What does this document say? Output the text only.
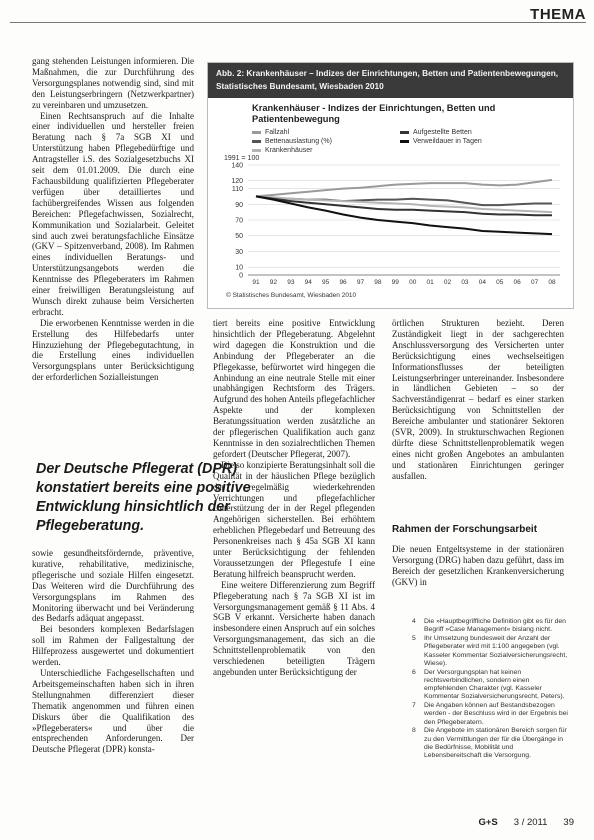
THEMA

gang stehenden Leistungen informieren. Die Maßnahmen, die zur Durchführung des Versorgungsplanes notwendig sind, sind mit den Leistungserbringern (Netzwerkpartner) zu vereinbaren und umzusetzen.

Einen Rechtsanspruch auf die Inhalte einer individuellen und hersteller freien Beratung nach § 7a SGB XI und Unterstützung haben Pflegebedürftige und Antragsteller i.S. des Sozialgesetzbuchs XI seit dem 01.01.2009. Die durch eine Fachausbildung qualifizierten Pflegeberater verfügen über detailliertes und fachübergreifendes Wissen aus folgenden Bereichen: Pflegefachwissen, Sozialrecht, Kommunikation und Sozialarbeit. Geleitet sind auch zwei beratungsfachliche Einsätze (GKV – Spitzenverband, 2008). Im Rahmen eines individuellen Beratungs- und Unterstützungsangebots werden die Kenntnisse des Pflegeberaters im Rahmen einer freiwilligen Beratungsleistung auf Wunsch direkt zuhause beim Versicherten erbracht.

Die erworbenen Kenntnisse werden in die Erstellung des Hilfebedarfs unter Hinzuziehung der Pflegebegutachtung, in die Erstellung eines individuellen Versorgungsplans unter Berücksichtigung der erforderlichen Sozialleistungen

Der Deutsche Pflegerat (DPR) konstatiert bereits eine positive Entwicklung hinsichtlich der Pflegeberatung.

sowie gesundheitsfördernde, präventive, kurative, rehabilitative, medizinische, pflegerische und soziale Hilfen eingesetzt. Das Weiteren wird die Durchführung des Versorgungsplans im Rahmen des Monitoring überwacht und bei Veränderung des Bedarfs adäquat angepasst.

Bei besonders komplexen Bedarfslagen soll im Rahmen der Fallgestaltung der Hilfeprozess ausgewertet und dokumentiert werden.

Unterschiedliche Fachgesellschaften und Arbeitsgemeinschaften haben sich in ihren Stellungnahmen differenziert dieser Thematik angenommen und führen einen Diskurs über die Qualifikation des »Pflegeberaters« und über die entsprechenden Anforderungen. Der Deutsche Pflegerat (DPR) konsta-

Abb. 2: Krankenhäuser – Indizes der Einrichtungen, Betten und Patientenbewegungen, Statistisches Bundesamt, Wiesbaden 2010
Krankenhäuser - Indizes der Einrichtungen, Betten und Patientenbewegung
Fallzahl
Bettenauslastung (%)
Krankenhäuser
Aufgestellte Betten
Verweildauer in Tagen
1991 = 100
0
10
30
50
70
90
110
120
140
91 92 93 94 95 96 97 98 99 00 01 02 03 04 05 06 07 08
© Statistisches Bundesamt, Wiesbaden 2010

tiert bereits eine positive Entwicklung hinsichtlich der Pflegeberatung. Abgelehnt wird dagegen die Konstruktion und die Anbindung der Pflegeberater an die Pflegekasse, befürwortet wird hingegen die Anbindung an eine neutrale Stelle mit einer unabhängigen Rechtsform des Trägers. Aufgrund des hohen Anteils pflegefachlicher Aspekte und der komplexen Beratungssituation werden zusätzliche an der pflegerischen Qualifikation auch ganz Kenntnisse in den sozialrechtlichen Themen gefordert (Deutscher Pflegerat, 2007).

Die so konzipierte Beratungsinhalt soll die Qualität in der häuslichen Pflege bezüglich der regelmäßig wiederkehrenden Verrichtungen und pflegefachlicher Unterstützung der in der Regel pflegenden Angehörigen sicherstellen. Bei erhöhtem erheblichen Pflegebedarf und Betreuung des Personenkreises nach § 45a SGB XI kann unter Berücksichtigung der fehlenden Voraussetzungen der Pflegestufe I eine Beratung hilfreich beansprucht werden.

Eine weitere Differenzierung zum Begriff Pflegeberatung nach § 7a SGB XI ist im Versorgungsmanagement gemäß § 11 Abs. 4 SGB V erkannt. Versicherte haben danach insbesondere einen Anspruch auf ein solches Versorgungsmanagement, das sich an die Schnittstellenproblematik von den verschiedenen beteiligten Trägern angebunden unter Berücksichtigung der

örtlichen Strukturen bezieht. Deren Zuständigkeit liegt in der sachgerechten Anschlussversorgung des Versicherten unter Berücksichtigung eines wechselseitigen Informationsflusses der beteiligten Leistungserbringer untereinander. Insbesondere in ländlichen Gebieten – so der Sachverständigenrat – bedarf es einer starken Berücksichtigung von Schnittstellen der Bereiche ambulanter und stationärer Sektoren (SVR, 2009). In strukturschwachen Regionen dürfte diese Schnittstellenproblematik wegen eines nicht großen Angebotes an ambulanten und stationären Einrichtungen geringer ausfallen.

Rahmen der Forschungsarbeit

Die neuen Entgeltsysteme in der stationären Versorgung (DRG) haben dazu geführt, dass im Bereich der gesetzlichen Krankenversicherung (GKV) in

4	Die »Hauptbegriffliche Definition gibt es für den Begriff »Case Management« bislang nicht.
5	Ihr Umsetzung bundesweit der Anzahl der Pflegeberater wird mit 1:100 angegeben (vgl. Kasseler Kommentar Sozialversicherungsrecht, Wiese).
6	Der Versorgungsplan hat keinen rechtsverbindlichen, sondern einen empfehlenden Charakter (vgl. Kasseler Kommentar Sozialversicherungsrecht, Peters).
7	Die Angaben können auf Bestandsbezogen werden - der Beschluss wird in der Ergebnis bei den Pflegeberatern.
8	Die Angebote im stationären Bereich sorgen für zu den Vermittlungen der für die Übergänge in die Bedürfnisse, Mobilität und Lebensbereitschaft die Versorgung.
G+S 3 / 2011 39
